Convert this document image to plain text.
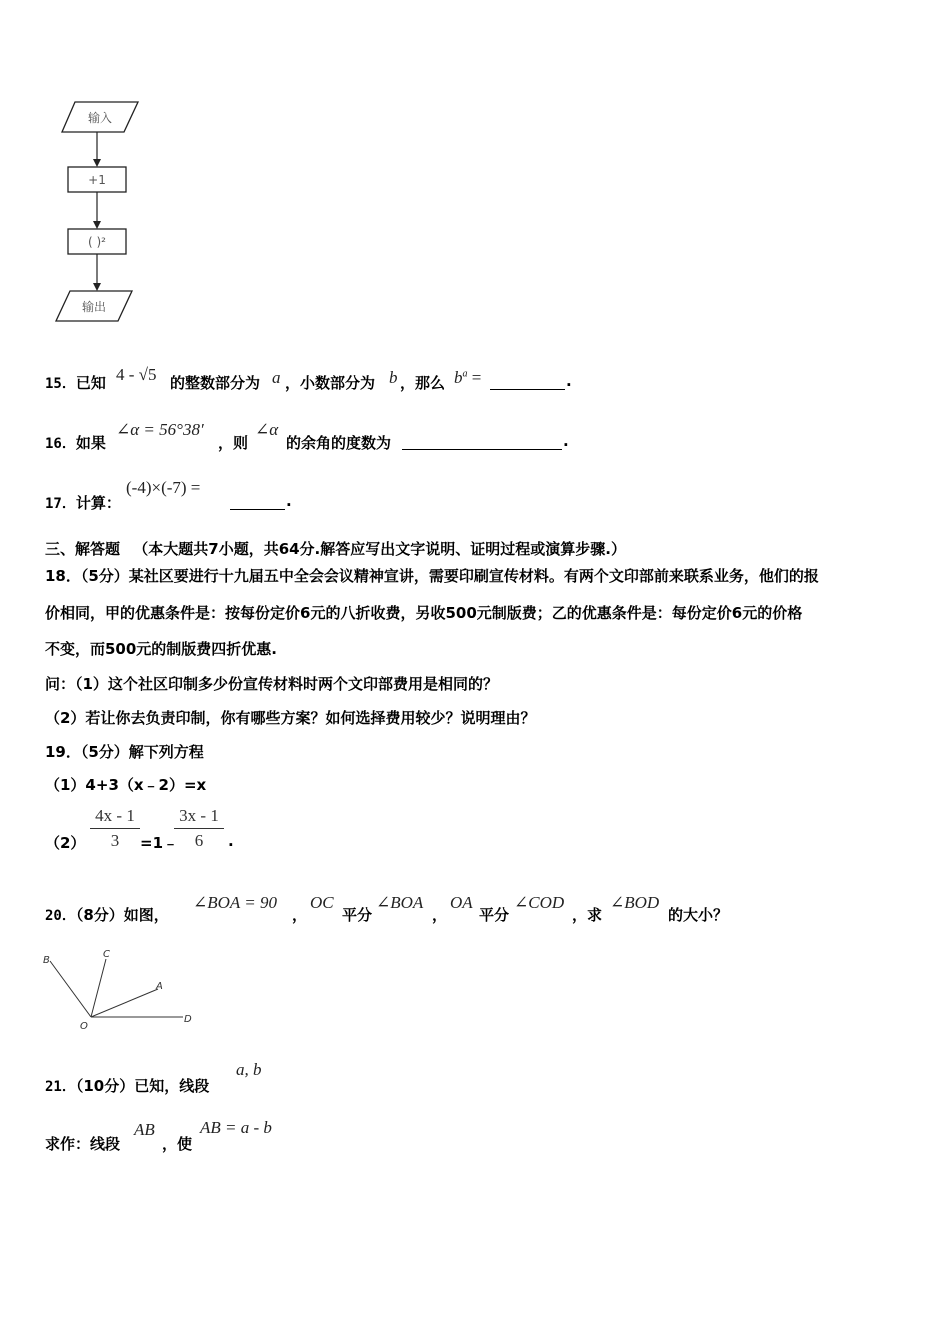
输入
+1
( )²
输出
15．已知 4 - √5 的整数部分为 a ，小数部分为 b ，那么 $b^a$ =	.
16．如果
∠α = 56°38′
，则
∠α
的余角的度数为	.
17．计算：
(-4)×(-7) =
.
三、解答题 （本大题共7小题，共64分.解答应写出文字说明、证明过程或演算步骤.）
18．（5分）某社区要进行十九届五中全会会议精神宣讲，需要印刷宣传材料。有两个文印部前来联系业务，他们的报
价相同，甲的优惠条件是：按每份定价6元的八折收费，另收500元制版费；乙的优惠条件是：每份定价6元的价格
不变，而500元的制版费四折优惠.
问：（1）这个社区印制多少份宣传材料时两个文印部费用是相同的？
（2）若让你去负责印制，你有哪些方案？如何选择费用较少？说明理由？
19．（5分）解下列方程
（1）4+3（x﹣2）=x
（2）
4x - 1
3	=1﹣
3x - 1
6	.
20．（8分）如图，
∠BOA = 90
，
OC
平分
∠BOA
，
OA
平分
∠COD
，求
∠BOD
的大小？
B
C
A
O
D
21．（10分）已知，线段
a, b
求作：线段
AB
，使
AB = a - b
